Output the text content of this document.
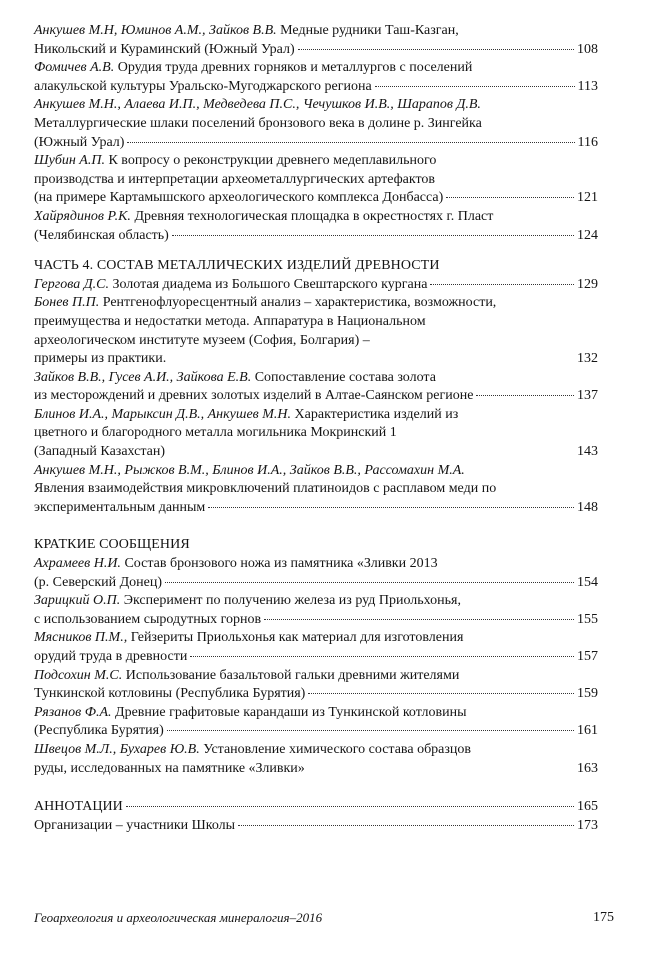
Анкушев М.Н, Юминов А.М., Зайков В.В. Медные рудники Таш-Казган,
Никольский и Кураминский (Южный Урал)	108
Фомичев А.В. Орудия труда древних горняков и металлургов с поселений
алакульской культуры Уральско-Мугоджарского региона	113
Анкушев М.Н., Алаева И.П., Медведева П.С., Чечушков И.В., Шарапов Д.В.
Металлургические шлаки поселений бронзового века в долине р. Зингейка
(Южный Урал)	116
Шубин А.П. К вопросу о реконструкции древнего медеплавильного
производства и интерпретации археометаллургических артефактов
(на примере Картамышского археологического комплекса Донбасса)	121
Хайрядинов Р.К. Древняя технологическая площадка в окрестностях г. Пласт
(Челябинская область)	124
ЧАСТЬ 4. СОСТАВ МЕТАЛЛИЧЕСКИХ ИЗДЕЛИЙ ДРЕВНОСТИ
Гергова Д.С. Золотая диадема из Большого Свештарского кургана	129
Бонев П.П. Рентгенофлуоресцентный анализ – характеристика, возможности,
преимущества и недостатки метода. Аппаратура в Национальном
археологическом институте музеем (София, Болгария) –
примеры из практики.	132
Зайков В.В., Гусев А.И., Зайкова Е.В. Сопоставление состава золота
из месторождений и древних золотых изделий в Алтае-Саянском регионе	137
Блинов И.А., Марыксин Д.В., Анкушев М.Н. Характеристика изделий из
цветного и благородного металла могильника Мокринский 1
(Западный Казахстан)	143
Анкушев М.Н., Рыжков В.М., Блинов И.А., Зайков В.В., Рассомахин М.А.
Явления взаимодействия микровключений платиноидов с расплавом меди по
экспериментальным данным	148
КРАТКИЕ СООБЩЕНИЯ
Ахрамеев Н.И. Состав бронзового ножа из памятника «Зливки 2013
(р. Северский Донец)	154
Зарицкий О.П. Эксперимент по получению железа из руд Приольхонья,
с использованием сыродутных горнов	155
Мясников П.М., Гейзериты Приольхонья как материал для изготовления
орудий труда в древности	157
Подсохин М.С. Использование базальтовой гальки древними жителями
Тункинской котловины (Республика Бурятия)	159
Рязанов Ф.А. Древние графитовые карандаши из Тункинской котловины
(Республика Бурятия)	161
Швецов М.Л., Бухарев Ю.В. Установление химического состава образцов
руды, исследованных на памятнике «Зливки»	163
АННОТАЦИИ	165
Организации – участники Школы	173
Геоархеология и археологическая минералогия–2016	175
